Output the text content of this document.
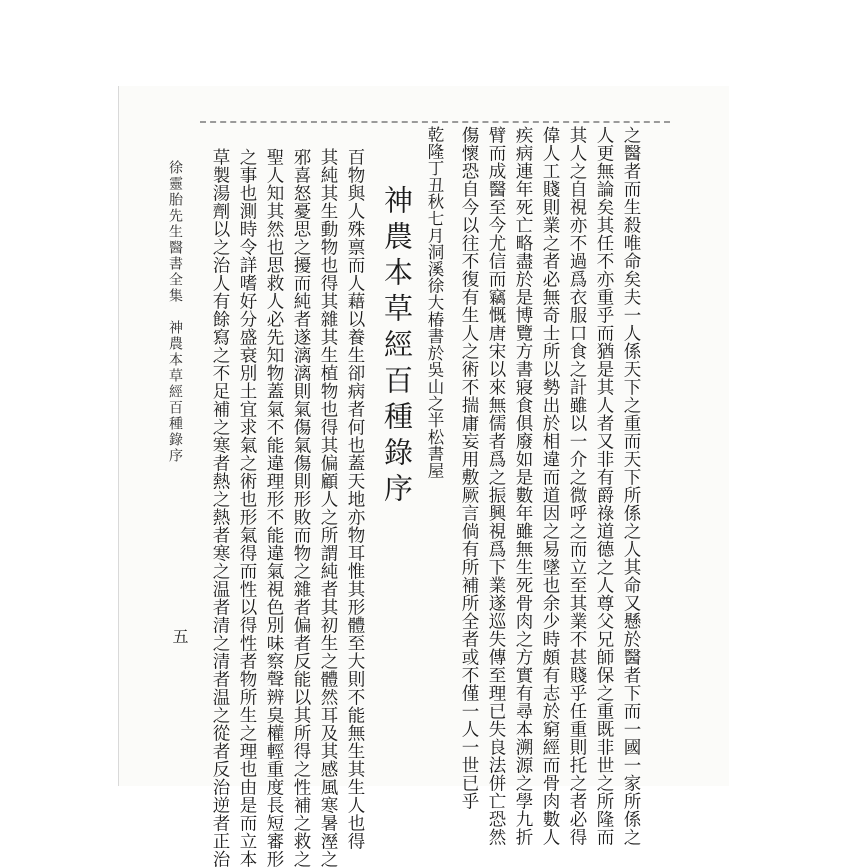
之醫者而生殺唯命矣夫一人係天下之重而天下所係之人其命又懸於醫者下而一國一家所係之
人更無論矣其任不亦重乎而猶是其人者又非有爵祿道德之人尊父兄師保之重既非世之所隆而
其人之自視亦不過爲衣服口食之計雖以一介之微呼之而立至其業不甚賤乎任重則托之者必得
偉人工賤則業之者必無奇士所以勢出於相違而道因之易墜也余少時頗有志於窮經而骨肉數人
疾病連年死亡略盡於是博覽方書寢食俱廢如是數年雖無生死骨肉之方實有尋本溯源之學九折
臂而成醫至今尤信而竊慨唐宋以來無儒者爲之振興視爲下業遂巡失傳至理已失良法併亡恐然
傷懷恐自今以往不復有生人之術不揣庸妄用敷厥言倘有所補所全者或不僅一人一世已乎
乾隆丁丑秋七月洞溪徐大椿書於吳山之半松書屋
神農本草經百種錄序
百物與人殊禀而人藉以養生卻病者何也蓋天地亦物耳惟其形體至大則不能無生其生人也得
其純其生動物也得其雜其生植物也得其偏顧人之所謂純者其初生之體然耳及其感風寒暑溼之
邪喜怒憂思之擾而純者遂漓漓則氣傷氣傷則形敗而物之雜者偏者反能以其所得之性補之救之
聖人知其然也思救人必先知物蓋氣不能違理形不能違氣視色別味察聲辨臭權輕重度長短審形
之事也測時令詳嗜好分盛衰別土宜求氣之術也形氣得而性以得性者物所生之理也由是而立本
草製湯劑以之治人有餘寫之不足補之寒者熱之熱者寒之温者清之清者温之從者反治逆者正治
徐靈胎先生醫書全集　神農本草經百種錄序
五
